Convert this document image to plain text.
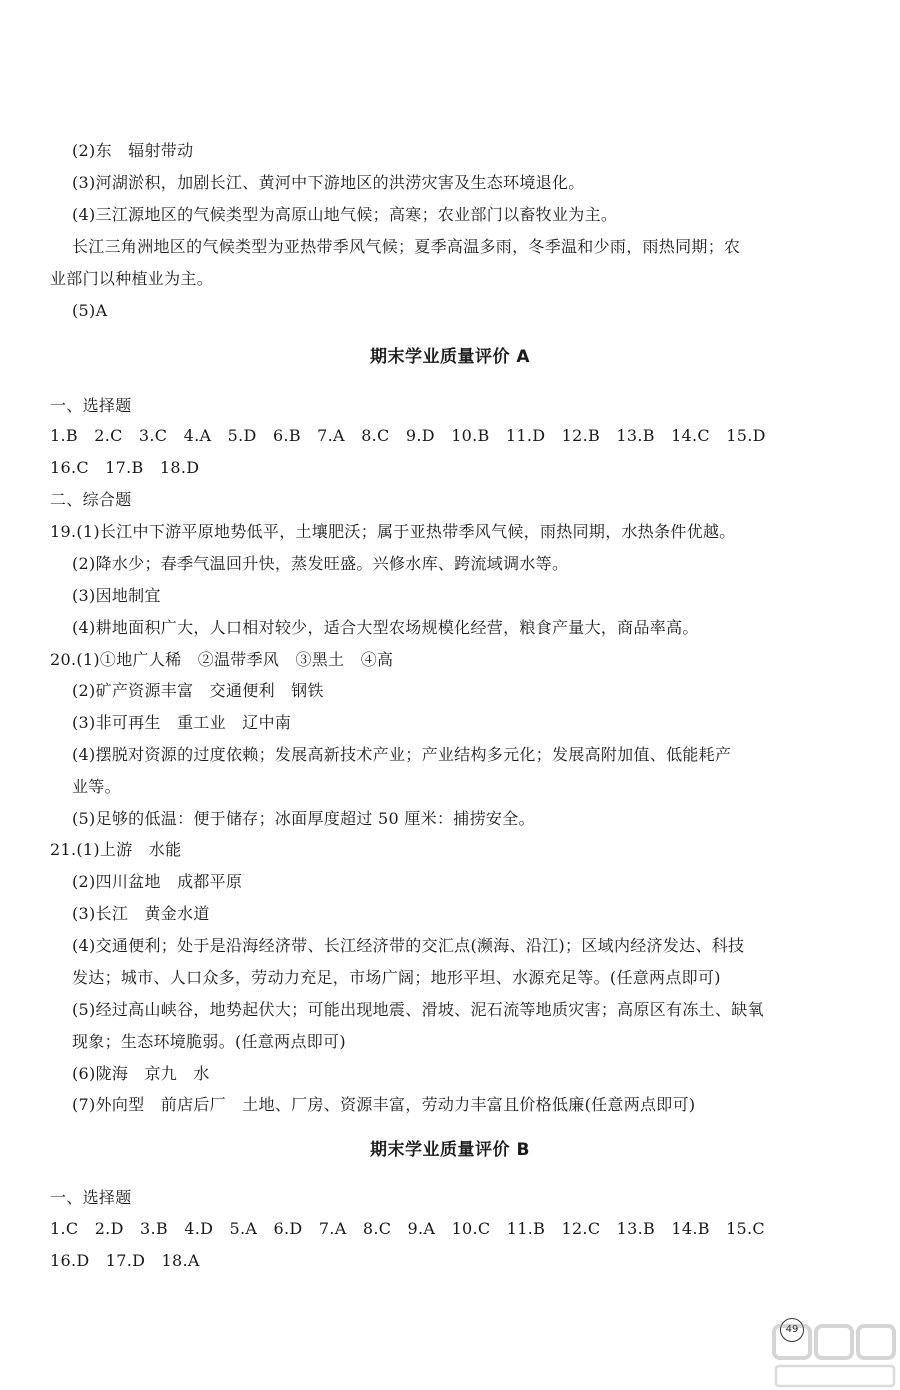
(2)东　辐射带动
(3)河湖淤积，加剧长江、黄河中下游地区的洪涝灾害及生态环境退化。
(4)三江源地区的气候类型为高原山地气候；高寒；农业部门以畜牧业为主。
长江三角洲地区的气候类型为亚热带季风气候；夏季高温多雨，冬季温和少雨，雨热同期；农
业部门以种植业为主。
(5)A
期末学业质量评价 A
一、选择题
1.B　2.C　3.C　4.A　5.D　6.B　7.A　8.C　9.D　10.B　11.D　12.B　13.B　14.C　15.D
16.C　17.B　18.D
二、综合题
19.(1)长江中下游平原地势低平，土壤肥沃；属于亚热带季风气候，雨热同期，水热条件优越。
(2)降水少；春季气温回升快，蒸发旺盛。兴修水库、跨流域调水等。
(3)因地制宜
(4)耕地面积广大，人口相对较少，适合大型农场规模化经营，粮食产量大，商品率高。
20.(1)①地广人稀　②温带季风　③黑土　④高
(2)矿产资源丰富　交通便利　钢铁
(3)非可再生　重工业　辽中南
(4)摆脱对资源的过度依赖；发展高新技术产业；产业结构多元化；发展高附加值、低能耗产
业等。
(5)足够的低温：便于储存；冰面厚度超过 50 厘米：捕捞安全。
21.(1)上游　水能
(2)四川盆地　成都平原
(3)长江　黄金水道
(4)交通便利；处于是沿海经济带、长江经济带的交汇点(濒海、沿江)；区域内经济发达、科技
发达；城市、人口众多，劳动力充足，市场广阔；地形平坦、水源充足等。(任意两点即可)
(5)经过高山峡谷，地势起伏大；可能出现地震、滑坡、泥石流等地质灾害；高原区有冻土、缺氧
现象；生态环境脆弱。(任意两点即可)
(6)陇海　京九　水
(7)外向型　前店后厂　土地、厂房、资源丰富，劳动力丰富且价格低廉(任意两点即可)
期末学业质量评价 B
一、选择题
1.C　2.D　3.B　4.D　5.A　6.D　7.A　8.C　9.A　10.C　11.B　12.C　13.B　14.B　15.C
16.D　17.D　18.A
49
